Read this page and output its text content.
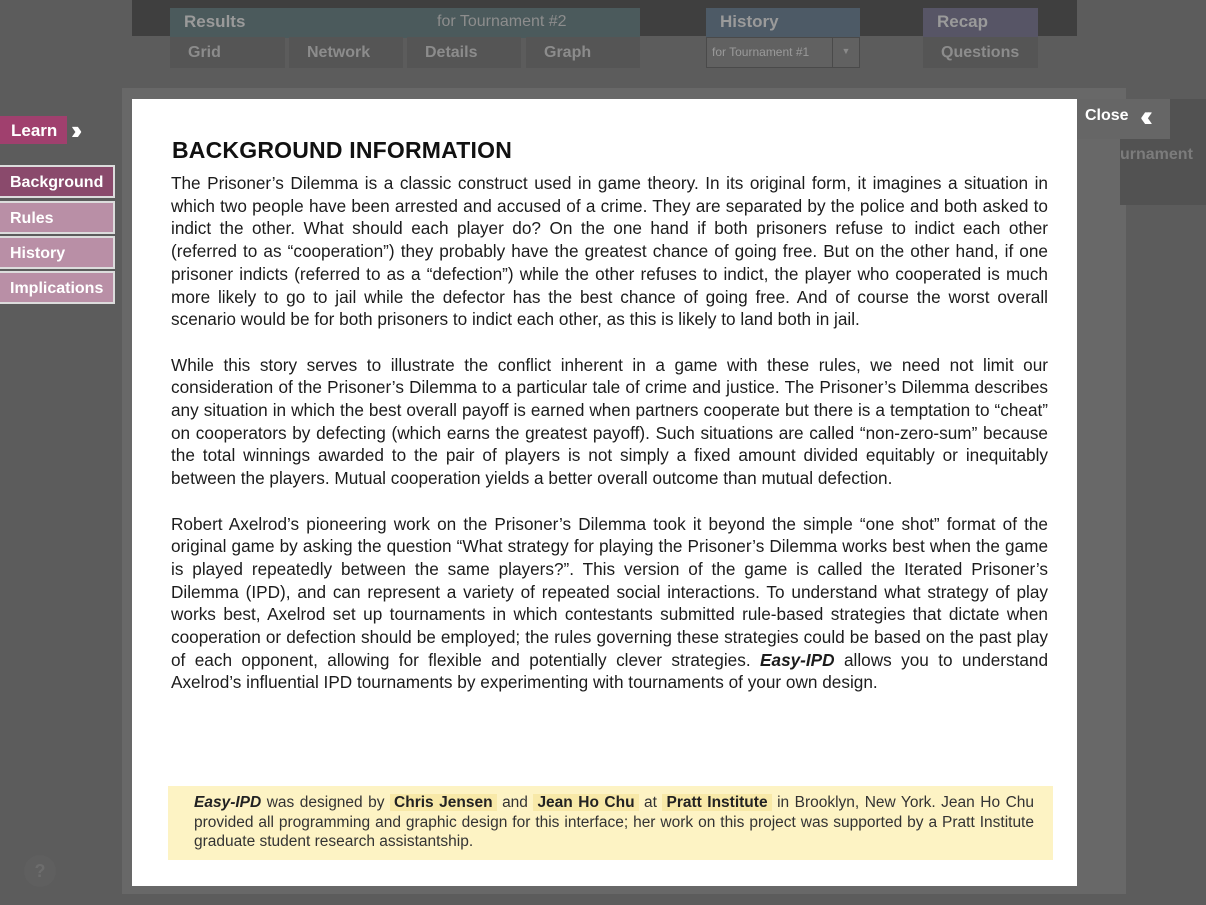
Results	for Tournament #2
Grid	Network	Details	Graph
History
for Tournament #1	▼
Recap
Questions
urnament
?
Learn ››
Background
Rules
History
Implications
Close ‹‹
BACKGROUND INFORMATION

The Prisoner’s Dilemma is a classic construct used in game theory. In its original form, it imagines a situation in which two people have been arrested and accused of a crime. They are separated by the police and both asked to indict the other. What should each player do? On the one hand if both prisoners refuse to indict each other (referred to as “cooperation”) they probably have the greatest chance of going free. But on the other hand, if one prisoner indicts (referred to as a “defection”) while the other refuses to indict, the player who cooperated is much more likely to go to jail while the defector has the best chance of going free. And of course the worst overall scenario would be for both prisoners to indict each other, as this is likely to land both in jail.

While this story serves to illustrate the conflict inherent in a game with these rules, we need not limit our consideration of the Prisoner’s Dilemma to a particular tale of crime and justice. The Prisoner’s Dilemma describes any situation in which the best overall payoff is earned when partners cooperate but there is a temptation to “cheat” on cooperators by defecting (which earns the greatest payoff). Such situations are called “non-zero-sum” because the total winnings awarded to the pair of players is not simply a fixed amount divided equitably or inequitably between the players. Mutual cooperation yields a better overall outcome than mutual defection.

Robert Axelrod’s pioneering work on the Prisoner’s Dilemma took it beyond the simple “one shot” format of the original game by asking the question “What strategy for playing the Prisoner’s Dilemma works best when the game is played repeatedly between the same players?”. This version of the game is called the Iterated Prisoner’s Dilemma (IPD), and can represent a variety of repeated social interactions. To understand what strategy of play works best, Axelrod set up tournaments in which contestants submitted rule-based strategies that dictate when cooperation or defection should be employed; the rules governing these strategies could be based on the past play of each opponent, allowing for flexible and potentially clever strategies. Easy-IPD allows you to understand Axelrod’s influential IPD tournaments by experimenting with tournaments of your own design.

Easy-IPD was designed by Chris Jensen and Jean Ho Chu at Pratt Institute in Brooklyn, New York. Jean Ho Chu provided all programming and graphic design for this interface; her work on this project was supported by a Pratt Institute graduate student research assistantship.
